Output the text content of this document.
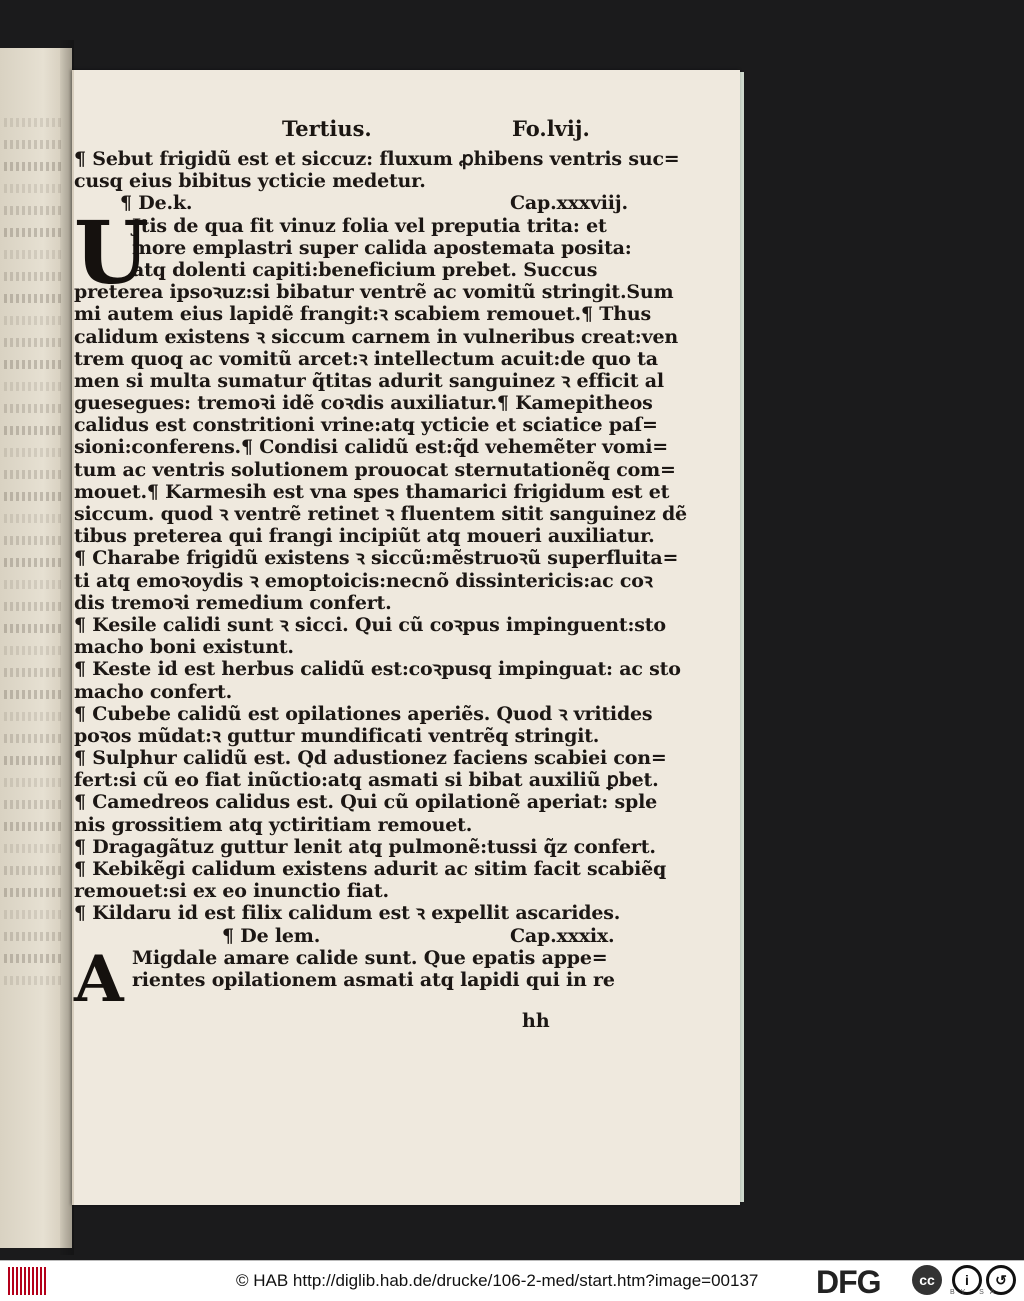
Tertius.	Fo.lvij.
¶ Sebut frigidũ est et siccuz: fluxum ꝓhibens ventris suc=
cusq̧ eius bibitus ycticie medetur.
¶ De.k.	Cap.xxxviij.
U
Jtis de qua fit vinuz folia vel preputia trita: et
more emplastri super calida apostemata posita:
atq̧ dolenti capiti:beneficium prebet. Succus
preterea ipsoꝛuz:si bibatur ventrẽ ac vomitũ stringit.Sum
mi autem eius lapidẽ frangit:ꝛ scabiem remouet.¶ Thus
calidum existens ꝛ siccum carnem in vulneribus creat:ven
trem quoq̧ ac vomitũ arcet:ꝛ intellectum acuit:de quo ta
men si multa sumatur q̃titas adurit sanguinez ꝛ efficit al
guesegues: tremoꝛi idẽ coꝛdis auxiliatur.¶ Kamepitheos
calidus est constritioni vrine:atq̧ ycticie et sciatice paſ=
sioni:conferens.¶ Condisi calidũ est:q̃d vehemẽter vomi=
tum ac ventris solutionem prouocat sternutationẽq̧ com=
mouet.¶ Karmesih est vna spes thamarici frigidum est et
siccum. quod ꝛ ventrẽ retinet ꝛ fluentem sitit sanguinez dẽ
tibus preterea qui frangi incipiũt atq̧ moueri auxiliatur.
¶ Charabe frigidũ existens ꝛ siccũ:mẽstruoꝛũ superfluita=
ti atq̧ emoꝛoydis ꝛ emoptoicis:necnõ dissintericis:ac coꝛ
dis tremoꝛi remedium confert.
¶ Kesile calidi sunt ꝛ sicci. Qui cũ coꝛpus impinguent:sto
macho boni existunt.
¶ Keste id est herbus calidũ est:coꝛpusq̧ impinguat: ac sto
macho confert.
¶ Cubebe calidũ est opilationes aperiẽs. Quod ꝛ vritides
poꝛos mũdat:ꝛ guttur mundificati ventrẽq̧ stringit.
¶ Sulphur calidũ est. Qd adustionez faciens scabiei con=
fert:si cũ eo fiat inũctio:atq̧ asmati si bibat auxiliũ ꝑbet.
¶ Camedreos calidus est. Qui cũ opilationẽ aperiat: sple
nis grossitiem atq̧ yctiritiam remouet.
¶ Dragagãtuz guttur lenit atq̧ pulmonẽ:tussi q̃z confert.
¶ Kebikẽgi calidum existens adurit ac sitim facit scabiẽq̧
remouet:si ex eo inunctio fiat.
¶ Kildaru id est filix calidum est ꝛ expellit ascarides.
¶ De lem.	Cap.xxxix.
A Migdale amare calide sunt. Que epatis appe=
rientes opilationem asmati atq̧ lapidi qui in re
hh
© HAB http://diglib.hab.de/drucke/106-2-med/start.htm?image=00137 DFG	cc	i	↺
BY SA
